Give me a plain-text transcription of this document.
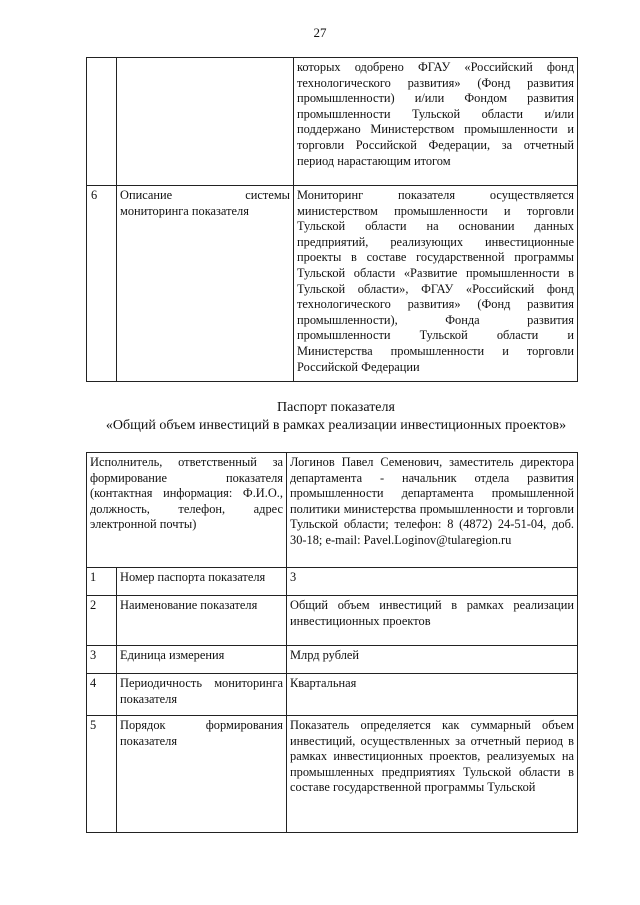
27
		которых одобрено ФГАУ «Российский фонд технологического развития» (Фонд развития промышленности) и/или Фондом развития промышленности Тульской области и/или поддержано Министерством промышленности и торговли Российской Федерации, за отчетный период нарастающим итогом
6	Описание системы мониторинга показателя	Мониторинг показателя осуществляется министерством промышленности и торговли Тульской области на основании данных предприятий, реализующих инвестиционные проекты в составе государственной программы Тульской области «Развитие промышленности в Тульской области», ФГАУ «Российский фонд технологического развития» (Фонд развития промышленности), Фонда развития промышленности Тульской области и Министерства промышленности и торговли Российской Федерации
Паспорт показателя
«Общий объем инвестиций в рамках реализации инвестиционных проектов»
Исполнитель, ответственный за формирование показателя (контактная информация: Ф.И.О., должность, телефон, адрес электронной почты)		Логинов Павел Семенович, заместитель директора департамента - начальник отдела развития промышленности департамента промышленной политики министерства промышленности и торговли Тульской области; телефон: 8 (4872) 24-51-04, доб. 30-18; e-mail: Pavel.Loginov@tularegion.ru
1	Номер паспорта показателя	3
2	Наименование показателя	Общий объем инвестиций в рамках реализации инвестиционных проектов
3	Единица измерения	Млрд рублей
4	Периодичность мониторинга показателя	Квартальная
5	Порядок формирования показателя	Показатель определяется как суммарный объем инвестиций, осуществленных за отчетный период в рамках инвестиционных проектов, реализуемых на промышленных предприятиях Тульской области в составе государственной программы Тульской
